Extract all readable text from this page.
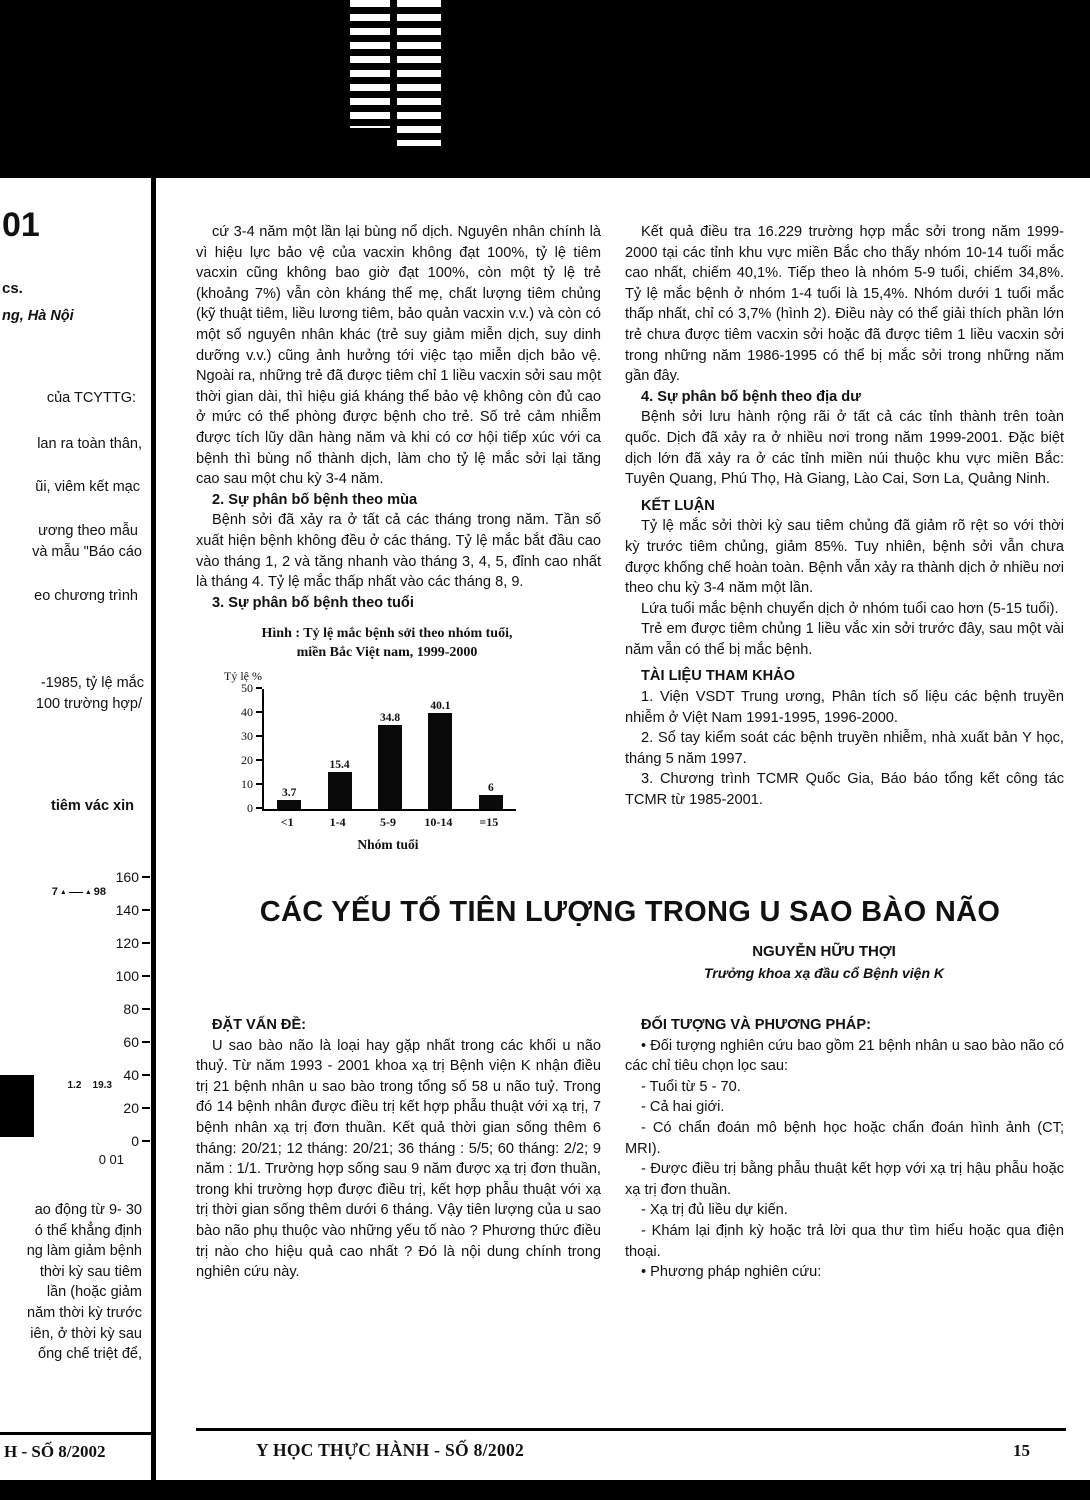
01
cs.
ng, Hà Nội
của TCYTTG:
lan ra toàn thân,
ũi, viêm kết mạc
ương theo mẫu
và mẫu "Báo cáo
eo chương trình
-1985, tỷ lệ mắc
100 trường hợp/
tiêm vác xin
160
140
120
100
80
60
40
20
0
7 ▲	▲ 98
1.2 19.3
0 01
ao động từ 9- 30
ó thể khẳng định
ng làm giảm bệnh
thời kỳ sau tiêm
lần (hoặc giảm
năm thời kỳ trước
iên, ở thời kỳ sau
ống chế triệt để,
H - SỐ 8/2002

cứ 3-4 năm một lần lại bùng nổ dịch. Nguyên nhân chính là vì hiệu lực bảo vệ của vacxin không đạt 100%, tỷ lệ tiêm vacxin cũng không bao giờ đạt 100%, còn một tỷ lệ trẻ (khoảng 7%) vẫn còn kháng thể mẹ, chất lượng tiêm chủng (kỹ thuật tiêm, liều lương tiêm, bảo quản vacxin v.v.) và còn có một số nguyên nhân khác (trẻ suy giảm miễn dịch, suy dinh dưỡng v.v.) cũng ảnh hưởng tới việc tạo miễn dịch bảo vệ. Ngoài ra, những trẻ đã được tiêm chỉ 1 liều vacxin sởi sau một thời gian dài, thì hiệu giá kháng thể bảo vệ không còn đủ cao ở mức có thể phòng được bệnh cho trẻ. Số trẻ cảm nhiễm được tích lũy dần hàng năm và khi có cơ hội tiếp xúc với ca bệnh thì bùng nổ thành dịch, làm cho tỷ lệ mắc sởi lại tăng cao sau một chu kỳ 3-4 năm.

2. Sự phân bố bệnh theo mùa

Bệnh sởi đã xảy ra ở tất cả các tháng trong năm. Tần số xuất hiện bệnh không đều ở các tháng. Tỷ lệ mắc bắt đầu cao vào tháng 1, 2 và tăng nhanh vào tháng 3, 4, 5, đỉnh cao nhất là tháng 4. Tỷ lệ mắc thấp nhất vào các tháng 8, 9.

3. Sự phân bố bệnh theo tuổi

Hình : Tỷ lệ mắc bệnh sởi theo nhóm tuổi,
miền Bắc Việt nam, 1999-2000
Tỷ lệ %
50
40
30
20
10
0
3.7
15.4
34.8
40.1
6
<1	1-4	5-9	10-14	=15
Nhóm tuổi

Kết quả điều tra 16.229 trường hợp mắc sởi trong năm 1999-2000 tại các tỉnh khu vực miền Bắc cho thấy nhóm 10-14 tuổi mắc cao nhất, chiếm 40,1%. Tiếp theo là nhóm 5-9 tuổi, chiếm 34,8%. Tỷ lệ mắc bệnh ở nhóm 1-4 tuổi là 15,4%. Nhóm dưới 1 tuổi mắc thấp nhất, chỉ có 3,7% (hình 2). Điều này có thể giải thích phần lớn trẻ chưa được tiêm vacxin sởi hoặc đã được tiêm 1 liều vacxin sởi trong những năm 1986-1995 có thể bị mắc sởi trong những năm gần đây.

4. Sự phân bố bệnh theo địa dư

Bệnh sởi lưu hành rộng rãi ở tất cả các tỉnh thành trên toàn quốc. Dịch đã xảy ra ở nhiều nơi trong năm 1999-2001. Đặc biệt dịch lớn đã xảy ra ở các tỉnh miền núi thuộc khu vực miền Bắc: Tuyên Quang, Phú Thọ, Hà Giang, Lào Cai, Sơn La, Quảng Ninh.

KẾT LUẬN

Tỷ lệ mắc sởi thời kỳ sau tiêm chủng đã giảm rõ rệt so với thời kỳ trước tiêm chủng, giảm 85%. Tuy nhiên, bệnh sởi vẫn chưa được khống chế hoàn toàn. Bệnh vẫn xảy ra thành dịch ở nhiều nơi theo chu kỳ 3-4 năm một lần.

Lứa tuổi mắc bệnh chuyển dịch ở nhóm tuổi cao hơn (5-15 tuổi).

Trẻ em được tiêm chủng 1 liều vắc xin sởi trước đây, sau một vài năm vẫn có thể bị mắc bệnh.

TÀI LIỆU THAM KHẢO

1. Viện VSDT Trung ương, Phân tích số liệu các bệnh truyền nhiễm ở Việt Nam 1991-1995, 1996-2000.

2. Sổ tay kiểm soát các bệnh truyền nhiễm, nhà xuất bản Y học, tháng 5 năm 1997.

3. Chương trình TCMR Quốc Gia, Báo báo tổng kết công tác TCMR từ 1985-2001.

CÁC YẾU TỐ TIÊN LƯỢNG TRONG U SAO BÀO NÃO
NGUYỄN HỮU THỢI
Trưởng khoa xạ đầu cổ Bệnh viện K

ĐẶT VẤN ĐỀ:

U sao bào não là loại hay gặp nhất trong các khối u não thuỷ. Từ năm 1993 - 2001 khoa xạ trị Bệnh viện K nhận điều trị 21 bệnh nhân u sao bào trong tổng số 58 u não tuỷ. Trong đó 14 bệnh nhân được điều trị kết hợp phẫu thuật với xạ trị, 7 bệnh nhân xạ trị đơn thuần. Kết quả thời gian sống thêm 6 tháng: 20/21; 12 tháng: 20/21; 36 tháng : 5/5; 60 tháng: 2/2; 9 năm : 1/1. Trường hợp sống sau 9 năm được xạ trị đơn thuần, trong khi trường hợp được điều trị, kết hợp phẫu thuật với xạ trị thời gian sống thêm dưới 6 tháng. Vậy tiên lượng của u sao bào não phụ thuộc vào những yếu tố nào ? Phương thức điều trị nào cho hiệu quả cao nhất ? Đó là nội dung chính trong nghiên cứu này.

ĐỐI TƯỢNG VÀ PHƯƠNG PHÁP:

• Đối tượng nghiên cứu bao gồm 21 bệnh nhân u sao bào não có các chỉ tiêu chọn lọc sau:

- Tuổi từ 5 - 70.

- Cả hai giới.

- Có chẩn đoán mô bệnh học hoặc chẩn đoán hình ảnh (CT; MRI).

- Được điều trị bằng phẫu thuật kết hợp với xạ trị hậu phẫu hoặc xạ trị đơn thuần.

- Xạ trị đủ liều dự kiến.

- Khám lại định kỳ hoặc trả lời qua thư tìm hiểu hoặc qua điện thoại.

• Phương pháp nghiên cứu:

Y HỌC THỰC HÀNH - SỐ 8/2002	15
